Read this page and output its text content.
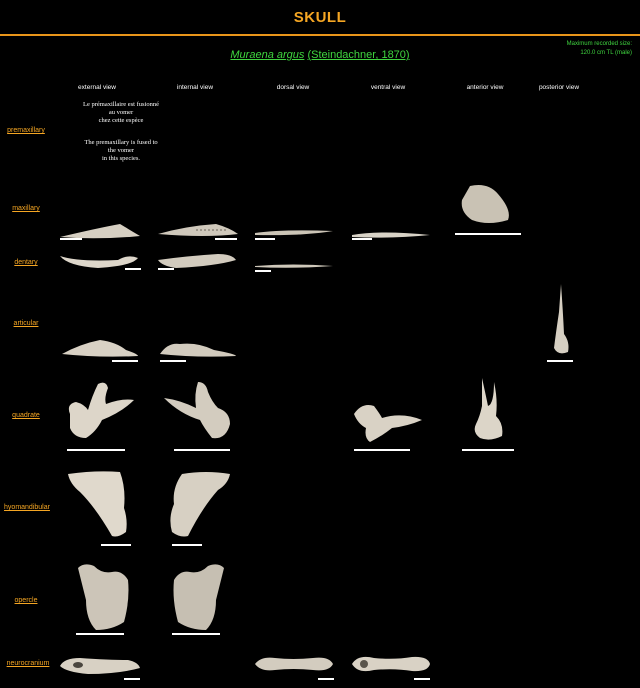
SKULL
Muraena argus (Steindachner, 1870)
Maximum recorded size:
120.0 cm TL (male)
external view	internal view	dorsal view	ventral view	anterior view	posterior view
premaxillary
maxillary
dentary
articular
quadrate
hyomandibular
opercle
neurocranium
Le prémaxillaire est fusionné
au vomer
chez cette espèce
The premaxillary is fused to
the vomer
in this species.
